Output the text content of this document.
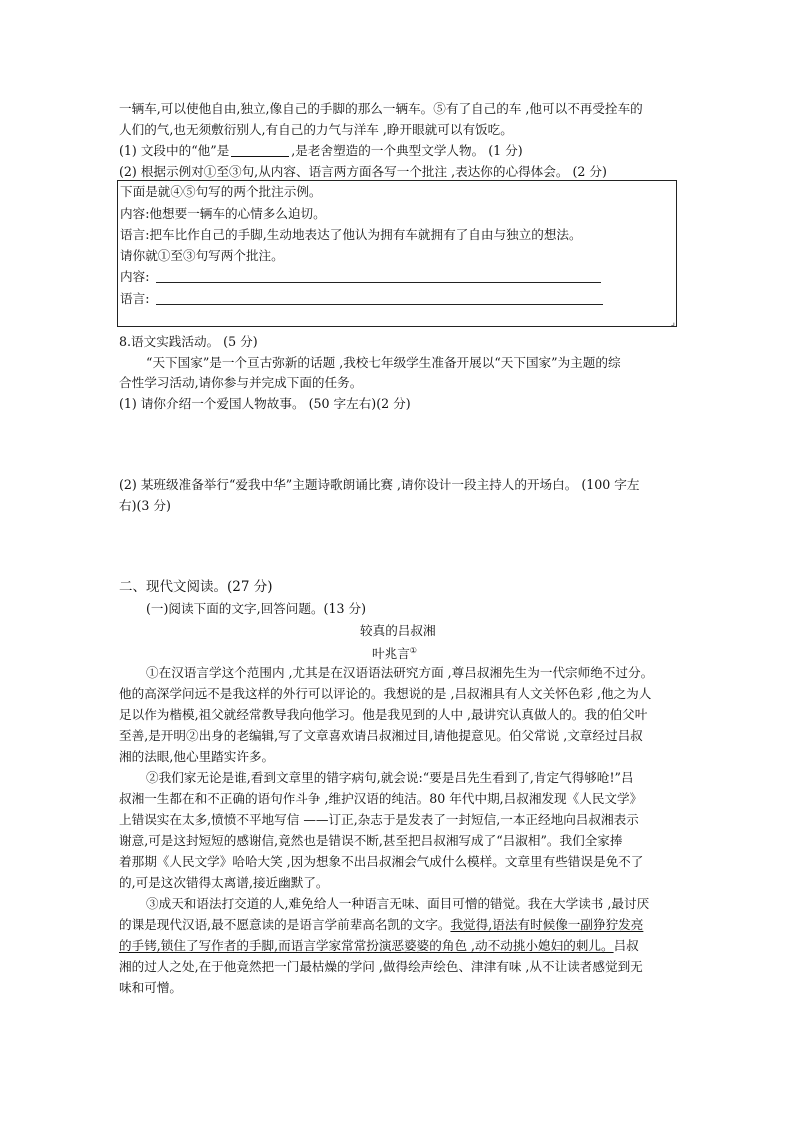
一辆车,可以使他自由,独立,像自己的手脚的那么一辆车。⑤有了自己的车 ,他可以不再受拴车的
人们的气,也无须敷衍别人,有自己的力气与洋车 ,睁开眼就可以有饭吃。
(1) 文段中的“他”是	,是老舍塑造的一个典型文学人物。 (1 分)
(2) 根据示例对①至③句,从内容、语言两方面各写一个批注 ,表达你的心得体会。 (2 分)
下面是就④⑤句写的两个批注示例。
内容:他想要一辆车的心情多么迫切。
语言:把车比作自己的手脚,生动地表达了他认为拥有车就拥有了自由与独立的想法。
请你就①至③句写两个批注。
内容:
语言:
⌟
8.语文实践活动。 (5 分)
“天下国家”是一个亘古弥新的话题 ,我校七年级学生准备开展以“天下国家”为主题的综
合性学习活动,请你参与并完成下面的任务。
(1) 请你介绍一个爱国人物故事。 (50 字左右)(2 分)
(2) 某班级准备举行“爱我中华”主题诗歌朗诵比赛 ,请你设计一段主持人的开场白。 (100 字左
右)(3 分)
二、现代文阅读。(27 分)
(一)阅读下面的文字,回答问题。(13 分)
较真的吕叔湘
叶兆言①
①在汉语言学这个范围内 ,尤其是在汉语语法研究方面 ,尊吕叔湘先生为一代宗师绝不过分。
他的高深学问远不是我这样的外行可以评论的。我想说的是 ,吕叔湘具有人文关怀色彩 ,他之为人
足以作为楷模,祖父就经常教导我向他学习。他是我见到的人中 ,最讲究认真做人的。我的伯父叶
至善,是开明②出身的老编辑,写了文章喜欢请吕叔湘过目,请他提意见。伯父常说 ,文章经过吕叔
湘的法眼,他心里踏实许多。
②我们家无论是谁,看到文章里的错字病句,就会说:“要是吕先生看到了,肯定气得够呛!”吕
叔湘一生都在和不正确的语句作斗争 ,维护汉语的纯洁。80 年代中期,吕叔湘发现《人民文学》
上错误实在太多,愤愤不平地写信 ——订正,杂志于是发表了一封短信,一本正经地向吕叔湘表示
谢意,可是这封短短的感谢信,竟然也是错误不断,甚至把吕叔湘写成了“吕淑相”。我们全家捧
着那期《人民文学》哈哈大笑 ,因为想象不出吕叔湘会气成什么模样。文章里有些错误是免不了
的,可是这次错得太离谱,接近幽默了。
③成天和语法打交道的人,难免给人一种语言无味、面目可憎的错觉。我在大学读书 ,最讨厌
的课是现代汉语,最不愿意读的是语言学前辈高名凯的文字。我觉得,语法有时候像一副狰狞发亮
的手铐,锁住了写作者的手脚,而语言学家常常扮演恶婆婆的角色 ,动不动挑小媳妇的刺儿。吕叔
湘的过人之处,在于他竟然把一门最枯燥的学问 ,做得绘声绘色、津津有味 ,从不让读者感觉到无
味和可憎。
